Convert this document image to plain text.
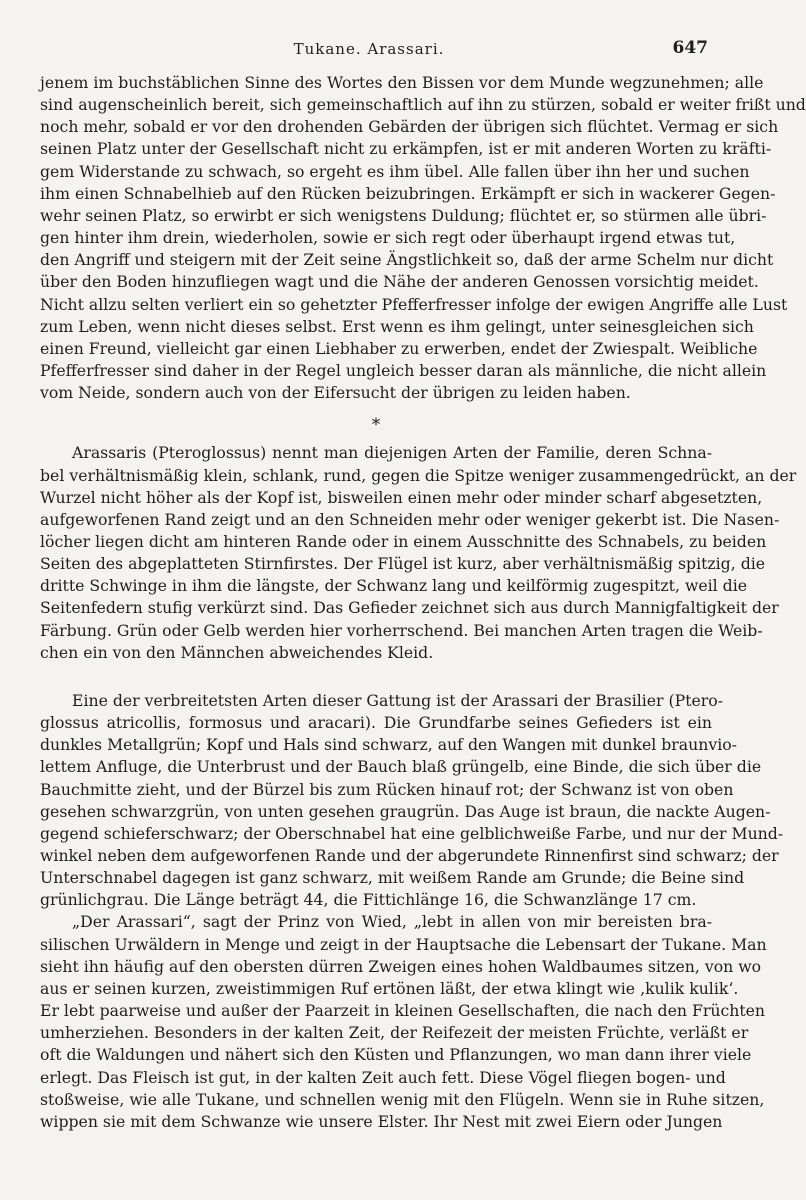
Tukane. Arassari.	647
jenem im buchstäblichen Sinne des Wortes den Bissen vor dem Munde wegzunehmen; alle
sind augenscheinlich bereit, sich gemeinschaftlich auf ihn zu stürzen, sobald er weiter frißt und
noch mehr, sobald er vor den drohenden Gebärden der übrigen sich flüchtet. Vermag er sich
seinen Platz unter der Gesellschaft nicht zu erkämpfen, ist er mit anderen Worten zu kräfti-
gem Widerstande zu schwach, so ergeht es ihm übel. Alle fallen über ihn her und suchen
ihm einen Schnabelhieb auf den Rücken beizubringen. Erkämpft er sich in wackerer Gegen-
wehr seinen Platz, so erwirbt er sich wenigstens Duldung; flüchtet er, so stürmen alle übri-
gen hinter ihm drein, wiederholen, sowie er sich regt oder überhaupt irgend etwas tut,
den Angriff und steigern mit der Zeit seine Ängstlichkeit so, daß der arme Schelm nur dicht
über den Boden hinzufliegen wagt und die Nähe der anderen Genossen vorsichtig meidet.
Nicht allzu selten verliert ein so gehetzter Pfefferfresser infolge der ewigen Angriffe alle Lust
zum Leben, wenn nicht dieses selbst. Erst wenn es ihm gelingt, unter seinesgleichen sich
einen Freund, vielleicht gar einen Liebhaber zu erwerben, endet der Zwiespalt. Weibliche
Pfefferfresser sind daher in der Regel ungleich besser daran als männliche, die nicht allein
vom Neide, sondern auch von der Eifersucht der übrigen zu leiden haben.
*
Arassaris (Pteroglossus) nennt man diejenigen Arten der Familie, deren Schna-
bel verhältnismäßig klein, schlank, rund, gegen die Spitze weniger zusammengedrückt, an der
Wurzel nicht höher als der Kopf ist, bisweilen einen mehr oder minder scharf abgesetzten,
aufgeworfenen Rand zeigt und an den Schneiden mehr oder weniger gekerbt ist. Die Nasen-
löcher liegen dicht am hinteren Rande oder in einem Ausschnitte des Schnabels, zu beiden
Seiten des abgeplatteten Stirnfirstes. Der Flügel ist kurz, aber verhältnismäßig spitzig, die
dritte Schwinge in ihm die längste, der Schwanz lang und keilförmig zugespitzt, weil die
Seitenfedern stufig verkürzt sind. Das Gefieder zeichnet sich aus durch Mannigfaltigkeit der
Färbung. Grün oder Gelb werden hier vorherrschend. Bei manchen Arten tragen die Weib-
chen ein von den Männchen abweichendes Kleid.
Eine der verbreitetsten Arten dieser Gattung ist der Arassari der Brasilier (Ptero-
glossus atricollis, formosus und aracari). Die Grundfarbe seines Gefieders ist ein
dunkles Metallgrün; Kopf und Hals sind schwarz, auf den Wangen mit dunkel braunvio-
lettem Anfluge, die Unterbrust und der Bauch blaß grüngelb, eine Binde, die sich über die
Bauchmitte zieht, und der Bürzel bis zum Rücken hinauf rot; der Schwanz ist von oben
gesehen schwarzgrün, von unten gesehen graugrün. Das Auge ist braun, die nackte Augen-
gegend schieferschwarz; der Oberschnabel hat eine gelblichweiße Farbe, und nur der Mund-
winkel neben dem aufgeworfenen Rande und der abgerundete Rinnenfirst sind schwarz; der
Unterschnabel dagegen ist ganz schwarz, mit weißem Rande am Grunde; die Beine sind
grünlichgrau. Die Länge beträgt 44, die Fittichlänge 16, die Schwanzlänge 17 cm.
„Der Arassari“, sagt der Prinz von Wied, „lebt in allen von mir bereisten bra-
silischen Urwäldern in Menge und zeigt in der Hauptsache die Lebensart der Tukane. Man
sieht ihn häufig auf den obersten dürren Zweigen eines hohen Waldbaumes sitzen, von wo
aus er seinen kurzen, zweistimmigen Ruf ertönen läßt, der etwa klingt wie ‚kulik kulik‘.
Er lebt paarweise und außer der Paarzeit in kleinen Gesellschaften, die nach den Früchten
umherziehen. Besonders in der kalten Zeit, der Reifezeit der meisten Früchte, verläßt er
oft die Waldungen und nähert sich den Küsten und Pflanzungen, wo man dann ihrer viele
erlegt. Das Fleisch ist gut, in der kalten Zeit auch fett. Diese Vögel fliegen bogen- und
stoßweise, wie alle Tukane, und schnellen wenig mit den Flügeln. Wenn sie in Ruhe sitzen,
wippen sie mit dem Schwanze wie unsere Elster. Ihr Nest mit zwei Eiern oder Jungen
